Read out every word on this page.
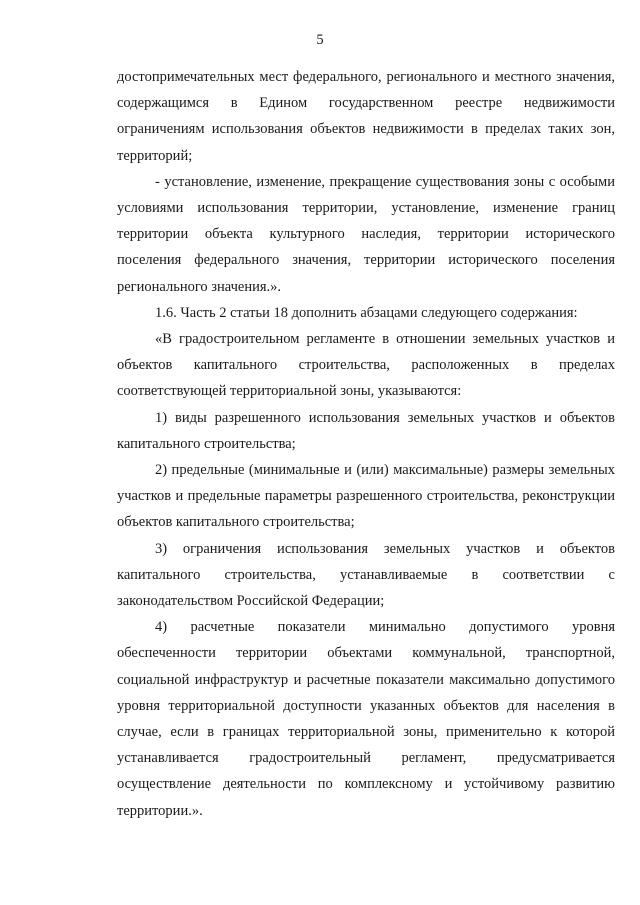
5

достопримечательных мест федерального, регионального и местного значения, содержащимся в Едином государственном реестре недвижимости ограничениям использования объектов недвижимости в пределах таких зон, территорий;

- установление, изменение, прекращение существования зоны с особыми условиями использования территории, установление, изменение границ территории объекта культурного наследия, территории исторического поселения федерального значения, территории исторического поселения регионального значения.».

1.6. Часть 2 статьи 18 дополнить абзацами следующего содержания:

«В градостроительном регламенте в отношении земельных участков и объектов капитального строительства, расположенных в пределах соответствующей территориальной зоны, указываются:

1) виды разрешенного использования земельных участков и объектов капитального строительства;

2) предельные (минимальные и (или) максимальные) размеры земельных участков и предельные параметры разрешенного строительства, реконструкции объектов капитального строительства;

3) ограничения использования земельных участков и объектов капитального строительства, устанавливаемые в соответствии с законодательством Российской Федерации;

4) расчетные показатели минимально допустимого уровня обеспеченности территории объектами коммунальной, транспортной, социальной инфраструктур и расчетные показатели максимально допустимого уровня территориальной доступности указанных объектов для населения в случае, если в границах территориальной зоны, применительно к которой устанавливается градостроительный регламент, предусматривается осуществление деятельности по комплексному и устойчивому развитию территории.».
